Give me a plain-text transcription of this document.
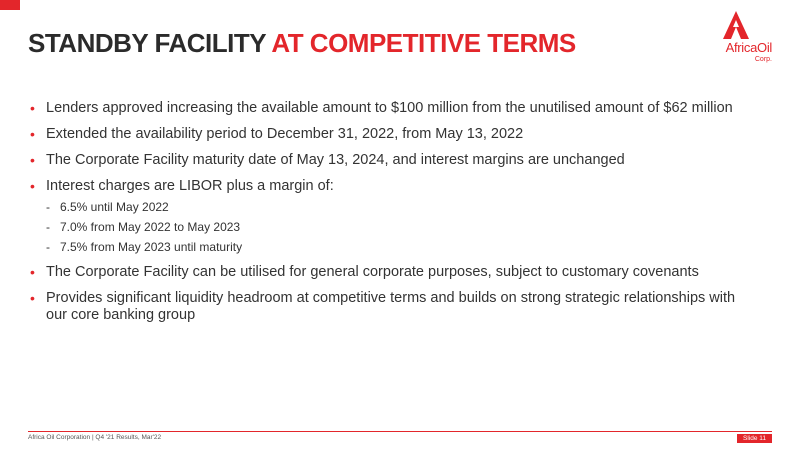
STANDBY FACILITY AT COMPETITIVE TERMS	AfricaOil
Corp.
• Lenders approved increasing the available amount to $100 million from the unutilised amount of $62 million
• Extended the availability period to December 31, 2022, from May 13, 2022
• The Corporate Facility maturity date of May 13, 2024, and interest margins are unchanged
• Interest charges are LIBOR plus a margin of:
- 6.5% until May 2022
- 7.0% from May 2022 to May 2023
- 7.5% from May 2023 until maturity
• The Corporate Facility can be utilised for general corporate purposes, subject to customary covenants
• Provides significant liquidity headroom at competitive terms and builds on strong strategic relationships with our core banking group
Africa Oil Corporation | Q4 '21 Results, Mar'22	Slide 11
